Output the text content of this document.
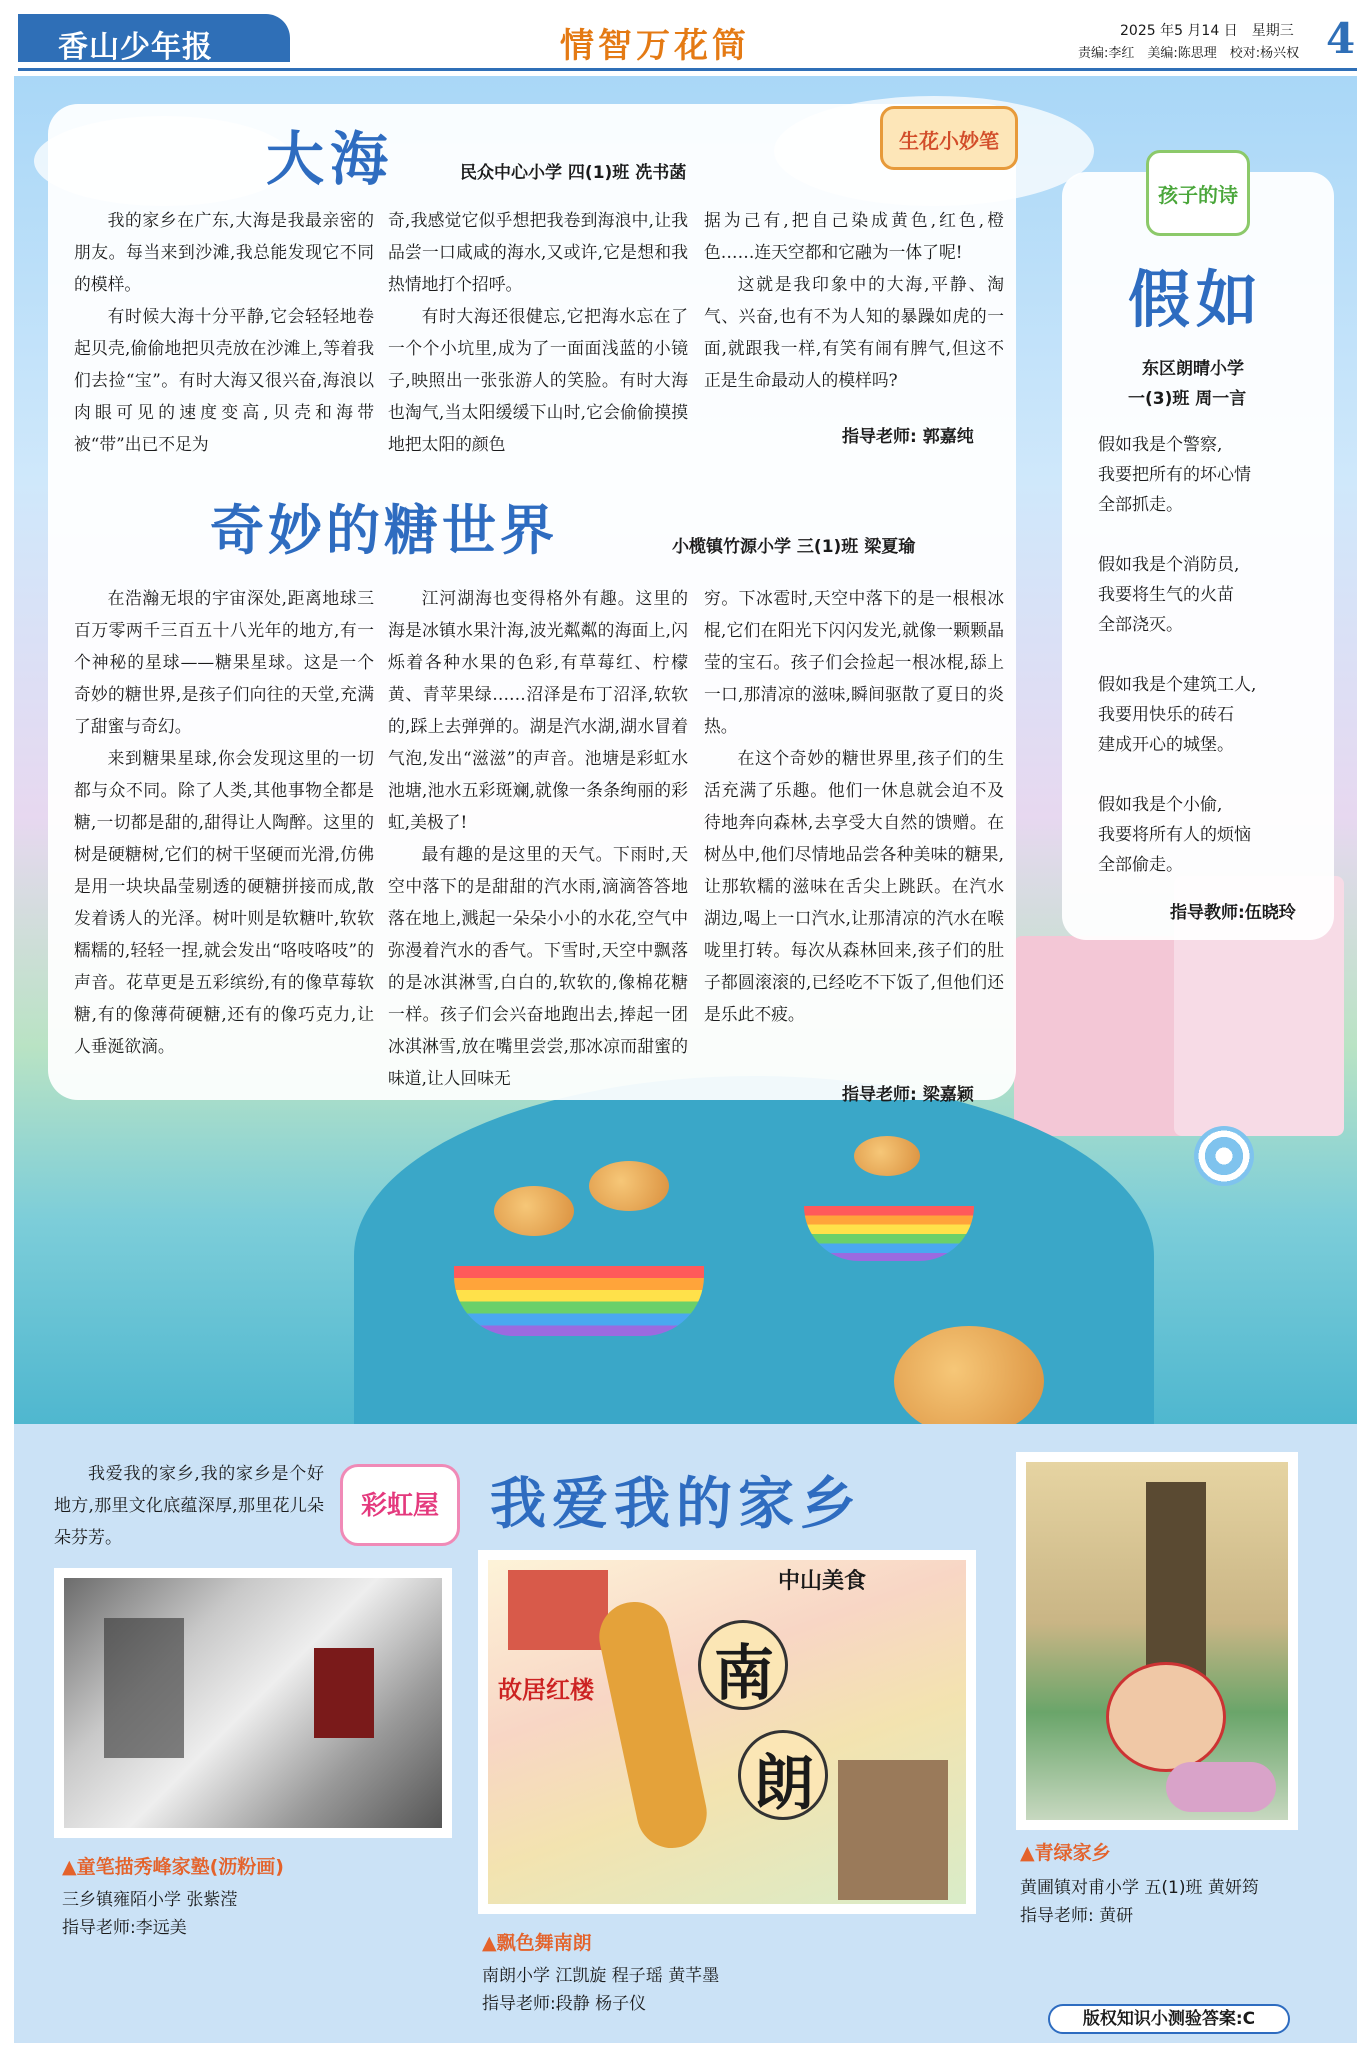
香山少年报	情智万花筒	2025 年5 月14 日　星期三
责编:李红　美编:陈思理　校对:杨兴权 4
大海	民众中心小学 四(1)班 冼书菡
生花小妙笔

我的家乡在广东,大海是我最亲密的朋友。每当来到沙滩,我总能发现它不同的模样。

有时候大海十分平静,它会轻轻地卷起贝壳,偷偷地把贝壳放在沙滩上,等着我们去捡“宝”。有时大海又很兴奋,海浪以肉眼可见的速度变高,贝壳和海带被“带”出已不足为

奇,我感觉它似乎想把我卷到海浪中,让我品尝一口咸咸的海水,又或许,它是想和我热情地打个招呼。

有时大海还很健忘,它把海水忘在了一个个小坑里,成为了一面面浅蓝的小镜子,映照出一张张游人的笑脸。有时大海也淘气,当太阳缓缓下山时,它会偷偷摸摸地把太阳的颜色

据为己有,把自己染成黄色,红色,橙色……连天空都和它融为一体了呢!

这就是我印象中的大海,平静、淘气、兴奋,也有不为人知的暴躁如虎的一面,就跟我一样,有笑有闹有脾气,但这不正是生命最动人的模样吗?

指导老师: 郭嘉纯
奇妙的糖世界	小榄镇竹源小学 三(1)班 梁夏瑜

在浩瀚无垠的宇宙深处,距离地球三百万零两千三百五十八光年的地方,有一个神秘的星球——糖果星球。这是一个奇妙的糖世界,是孩子们向往的天堂,充满了甜蜜与奇幻。

来到糖果星球,你会发现这里的一切都与众不同。除了人类,其他事物全都是糖,一切都是甜的,甜得让人陶醉。这里的树是硬糖树,它们的树干坚硬而光滑,仿佛是用一块块晶莹剔透的硬糖拼接而成,散发着诱人的光泽。树叶则是软糖叶,软软糯糯的,轻轻一捏,就会发出“咯吱咯吱”的声音。花草更是五彩缤纷,有的像草莓软糖,有的像薄荷硬糖,还有的像巧克力,让人垂涎欲滴。

江河湖海也变得格外有趣。这里的海是冰镇水果汁海,波光粼粼的海面上,闪烁着各种水果的色彩,有草莓红、柠檬黄、青苹果绿……沼泽是布丁沼泽,软软的,踩上去弹弹的。湖是汽水湖,湖水冒着气泡,发出“滋滋”的声音。池塘是彩虹水池塘,池水五彩斑斓,就像一条条绚丽的彩虹,美极了!

最有趣的是这里的天气。下雨时,天空中落下的是甜甜的汽水雨,滴滴答答地落在地上,溅起一朵朵小小的水花,空气中弥漫着汽水的香气。下雪时,天空中飘落的是冰淇淋雪,白白的,软软的,像棉花糖一样。孩子们会兴奋地跑出去,捧起一团冰淇淋雪,放在嘴里尝尝,那冰凉而甜蜜的味道,让人回味无

穷。下冰雹时,天空中落下的是一根根冰棍,它们在阳光下闪闪发光,就像一颗颗晶莹的宝石。孩子们会捡起一根冰棍,舔上一口,那清凉的滋味,瞬间驱散了夏日的炎热。

在这个奇妙的糖世界里,孩子们的生活充满了乐趣。他们一休息就会迫不及待地奔向森林,去享受大自然的馈赠。在树丛中,他们尽情地品尝各种美味的糖果,让那软糯的滋味在舌尖上跳跃。在汽水湖边,喝上一口汽水,让那清凉的汽水在喉咙里打转。每次从森林回来,孩子们的肚子都圆滚滚的,已经吃不下饭了,但他们还是乐此不疲。

指导老师: 梁嘉颖
孩子的诗
假如
东区朗晴小学
一(3)班 周一言
假如我是个警察,
我要把所有的坏心情
全部抓走。
假如我是个消防员,
我要将生气的火苗
全部浇灭。
假如我是个建筑工人,
我要用快乐的砖石
建成开心的城堡。
假如我是个小偷,
我要将所有人的烦恼
全部偷走。
指导教师:伍晓玲

我爱我的家乡,我的家乡是个好地方,那里文化底蕴深厚,那里花儿朵朵芬芳。

彩虹屋 我爱我的家乡
▲童笔描秀峰家塾(沥粉画)
三乡镇雍陌小学 张紫滢
指导老师:李远美
中山美食
南
朗
故居红楼
▲飘色舞南朗
南朗小学 江凯旋 程子瑶 黄芊墨
指导老师:段静 杨子仪
▲青绿家乡
黄圃镇对甫小学 五(1)班 黄妍筠
指导老师: 黄研
版权知识小测验答案:C
